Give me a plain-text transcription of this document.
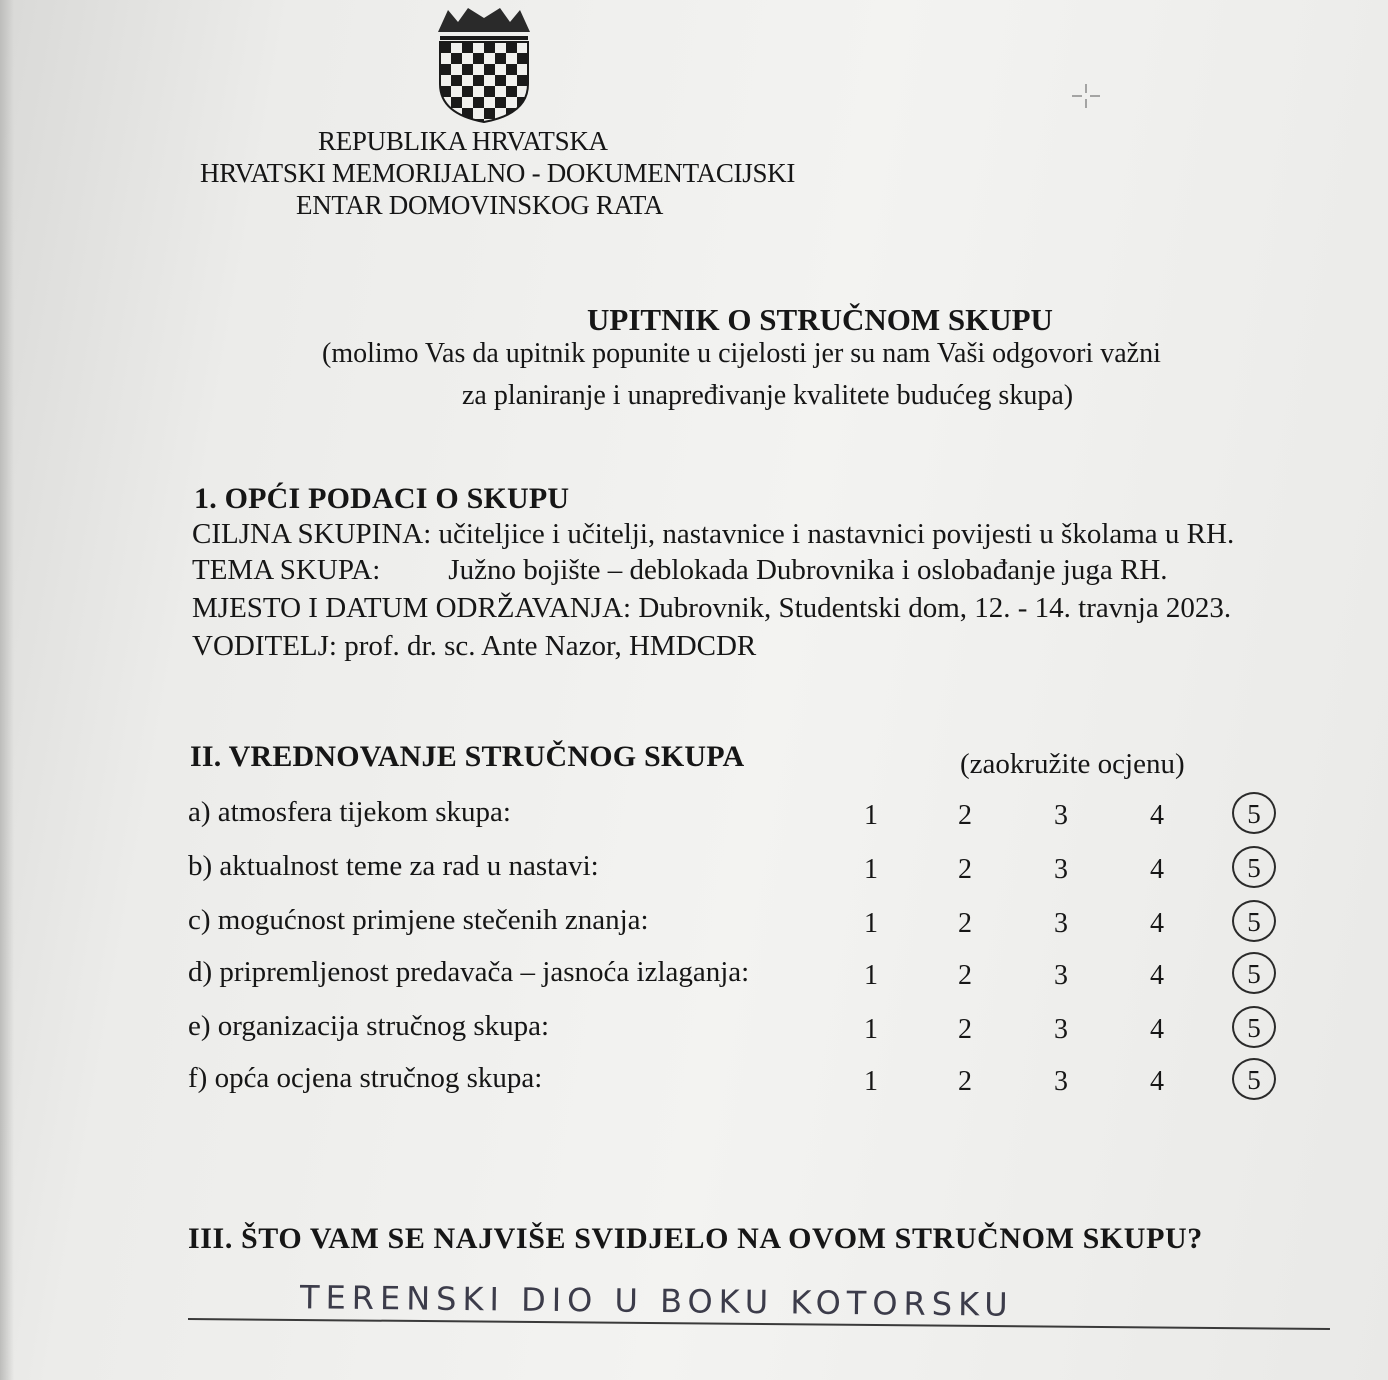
REPUBLIKA HRVATSKA
HRVATSKI MEMORIJALNO - DOKUMENTACIJSKI
ENTAR DOMOVINSKOG RATA
UPITNIK O STRUČNOM SKUPU
(molimo Vas da upitnik popunite u cijelosti jer su nam Vaši odgovori važni
za planiranje i unapređivanje kvalitete budućeg skupa)
1. OPĆI PODACI O SKUPU
CILJNA SKUPINA: učiteljice i učitelji, nastavnice i nastavnici povijesti u školama u RH.
TEMA SKUPA: Južno bojište – deblokada Dubrovnika i oslobađanje juga RH.
MJESTO I DATUM ODRŽAVANJA: Dubrovnik, Studentski dom, 12. - 14. travnja 2023.
VODITELJ: prof. dr. sc. Ante Nazor, HMDCDR
II. VREDNOVANJE STRUČNOG SKUPA	(zaokružite ocjenu)
a) atmosfera tijekom skupa:	1	2	3	4	5
b) aktualnost teme za rad u nastavi:	1	2	3	4	5
c) mogućnost primjene stečenih znanja:	1	2	3	4	5
d) pripremljenost predavača – jasnoća izlaganja:	1	2	3	4	5
e) organizacija stručnog skupa:	1	2	3	4	5
f) opća ocjena stručnog skupa:	1	2	3	4	5
III. ŠTO VAM SE NAJVIŠE SVIDJELO NA OVOM STRUČNOM SKUPU?
TERENSKI DIO U BOKU KOTORSKU
